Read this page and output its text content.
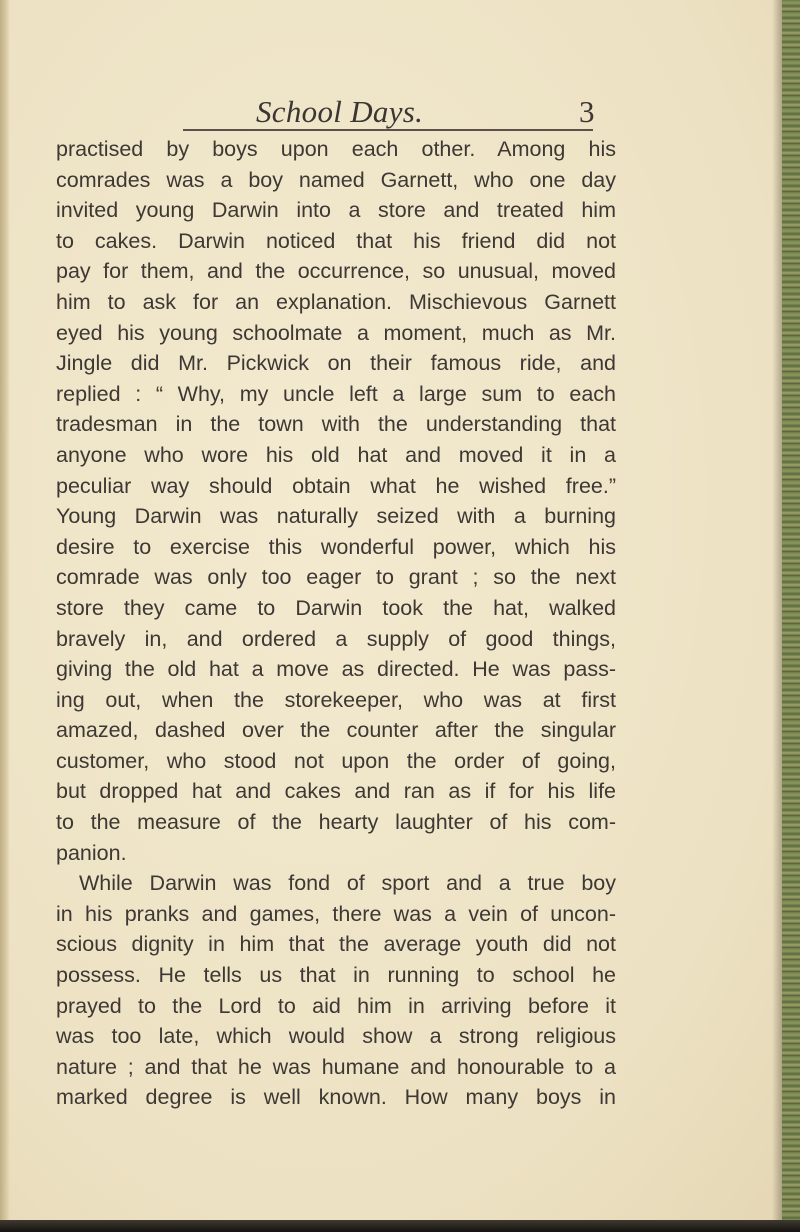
School Days.	3
practised by boys upon each other. Among his
comrades was a boy named Garnett, who one day
invited young Darwin into a store and treated him
to cakes. Darwin noticed that his friend did not
pay for them, and the occurrence, so unusual, moved
him to ask for an explanation. Mischievous Garnett
eyed his young schoolmate a moment, much as Mr.
Jingle did Mr. Pickwick on their famous ride, and
replied : “ Why, my uncle left a large sum to each
tradesman in the town with the understanding that
anyone who wore his old hat and moved it in a
peculiar way should obtain what he wished free.”
Young Darwin was naturally seized with a burning
desire to exercise this wonderful power, which his
comrade was only too eager to grant ; so the next
store they came to Darwin took the hat, walked
bravely in, and ordered a supply of good things,
giving the old hat a move as directed. He was pass-
ing out, when the storekeeper, who was at first
amazed, dashed over the counter after the singular
customer, who stood not upon the order of going,
but dropped hat and cakes and ran as if for his life
to the measure of the hearty laughter of his com-
panion.
While Darwin was fond of sport and a true boy
in his pranks and games, there was a vein of uncon-
scious dignity in him that the average youth did not
possess. He tells us that in running to school he
prayed to the Lord to aid him in arriving before it
was too late, which would show a strong religious
nature ; and that he was humane and honourable to a
marked degree is well known. How many boys in
